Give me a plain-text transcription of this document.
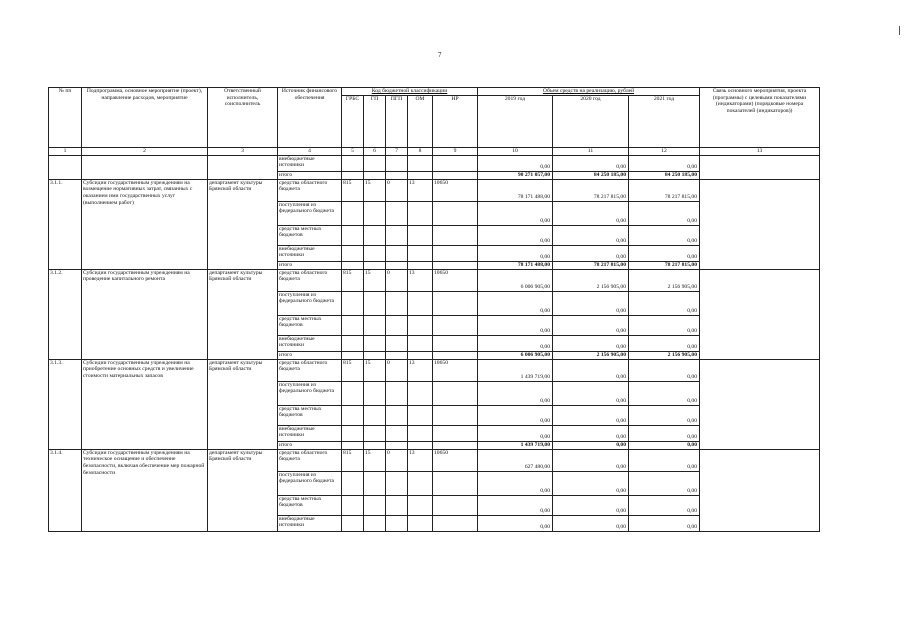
7
№ пп	Подпрограмма, основное мероприятие (проект), направление расходов, мероприятие	Ответственный исполнитель, соисполнитель	Источник финансового обеспечения	Код бюджетной классификации					Объем средств на реализацию, рублей			Связь основного мероприятия, проекта (программы) с целевыми показателями (индикаторами) (порядковые номера показателей (индикаторов))
				ГРБС	ГП	ПГП	ОМ	НР	2019 год	2020 год	2021 год	
1	2	3	4	5	6	7	8	9	10	11	12	13
			внебюджетные источники						0,00	0,00	0,00	
			итого						90 271 057,00	84 250 185,00	84 250 185,00	
3.1.1.	Субсидии государственным учреждениям на возмещение нормативных затрат, связанных с оказанием ими государственных услуг (выполнением работ)	департамент культуры Брянской области	средства областного бюджета	815	15	0	13	10650	78 171 488,00	78 217 815,00	78 217 815,00	
			поступления из федерального бюджета						0,00	0,00	0,00	
			средства местных бюджетов						0,00	0,00	0,00	
			внебюджетные источники						0,00	0,00	0,00	
			итого						78 171 488,00	78 217 815,00	78 217 815,00	
3.1.2.	Субсидии государственным учреждениям на проведение капитального ремонта	департамент культуры Брянской области	средства областного бюджета	815	15	0	13	10650	6 006 905,00	2 156 905,00	2 156 905,00	
			поступления из федерального бюджета						0,00	0,00	0,00	
			средства местных бюджетов						0,00	0,00	0,00	
			внебюджетные источники						0,00	0,00	0,00	
			итого						6 006 905,00	2 156 905,00	2 156 905,00	
3.1.3.	Субсидии государственным учреждениям на приобретение основных средств и увеличение стоимости материальных запасов	департамент культуры Брянской области	средства областного бюджета	815	15	0	13	10650	1 439 719,00	0,00	0,00	
			поступления из федерального бюджета						0,00	0,00	0,00	
			средства местных бюджетов						0,00	0,00	0,00	
			внебюджетные источники						0,00	0,00	0,00	
			итого						1 439 719,00	0,00	0,00	
3.1.4.	Субсидии государственным учреждениям на техническое оснащение и обеспечение безопасности, включая обеспечение мер пожарной безопасности	департамент культуры Брянской области	средства областного бюджета	815	15	0	13	10650	627 480,00	0,00	0,00	
			поступления из федерального бюджета						0,00	0,00	0,00	
			средства местных бюджетов						0,00	0,00	0,00	
			внебюджетные источники						0,00	0,00	0,00	
